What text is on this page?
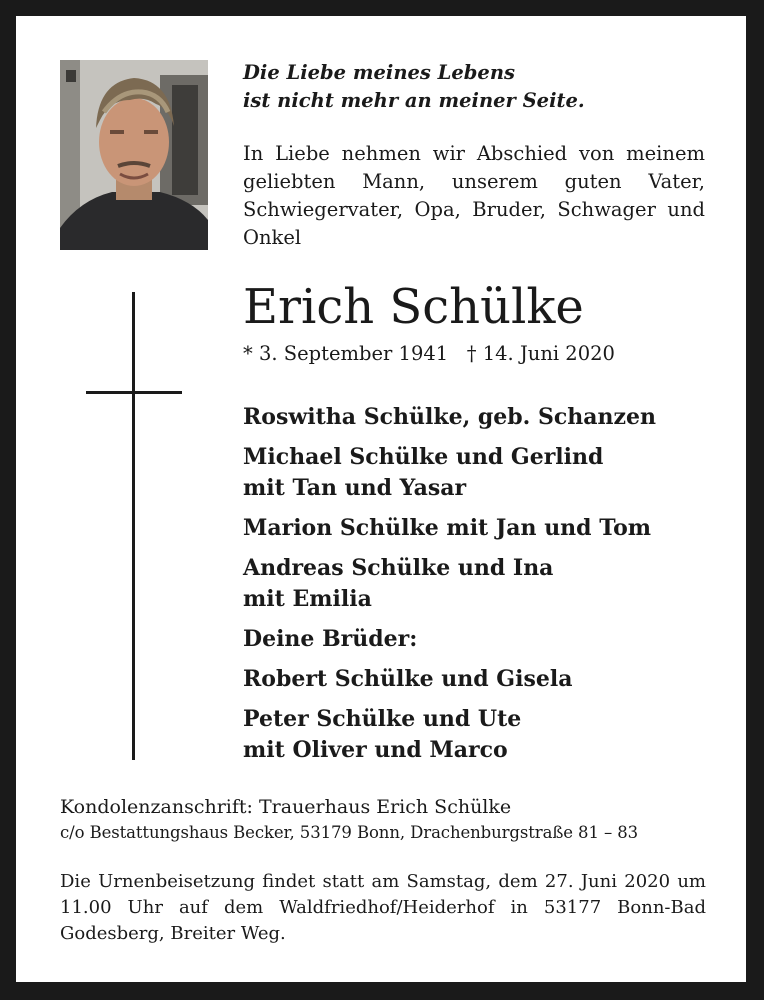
Die Liebe meines Lebens
ist nicht mehr an meiner Seite.
In Liebe nehmen wir Abschied von meinem geliebten Mann, unserem guten Vater, Schwiegervater, Opa, Bruder, Schwager und Onkel
Erich Schülke
* 3. September 1941 † 14. Juni 2020
Roswitha Schülke, geb. Schanzen
Michael Schülke und Gerlind
mit Tan und Yasar
Marion Schülke mit Jan und Tom
Andreas Schülke und Ina
mit Emilia
Deine Brüder:
Robert Schülke und Gisela
Peter Schülke und Ute
mit Oliver und Marco
Kondolenzanschrift: Trauerhaus Erich Schülke
c/o Bestattungshaus Becker, 53179 Bonn, Drachenburgstraße 81 – 83
Die Urnenbeisetzung findet statt am Samstag, dem 27. Juni 2020 um 11.00 Uhr auf dem Waldfriedhof/Heiderhof in 53177 Bonn-Bad Godesberg, Breiter Weg.
